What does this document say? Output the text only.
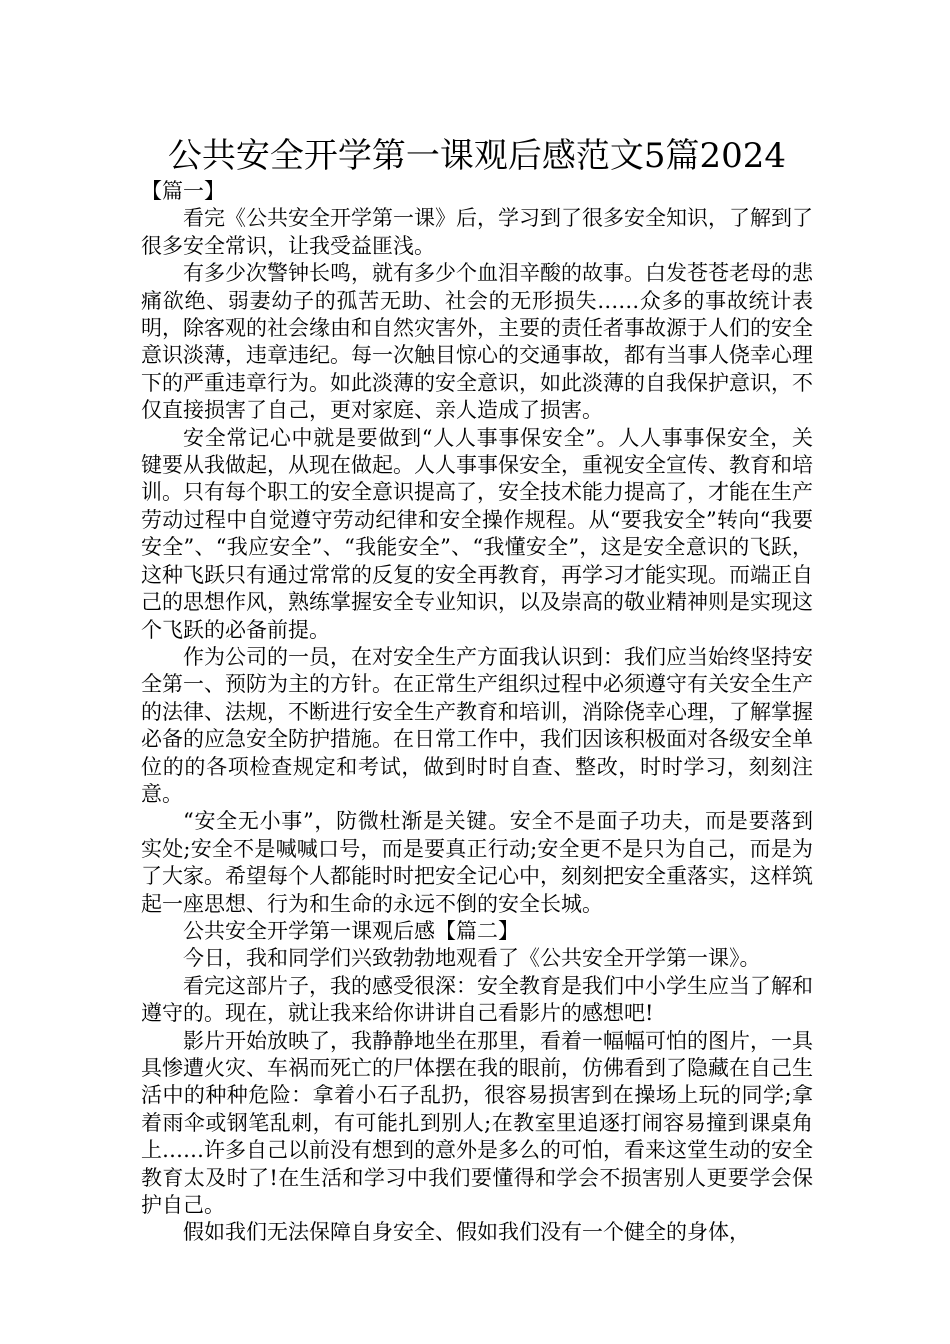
公共安全开学第一课观后感范文5篇2024

【篇一】

看完《公共安全开学第一课》后，学习到了很多安全知识，了解到了很多安全常识，让我受益匪浅。

有多少次警钟长鸣，就有多少个血泪辛酸的故事。白发苍苍老母的悲痛欲绝、弱妻幼子的孤苦无助、社会的无形损失……众多的事故统计表明，除客观的社会缘由和自然灾害外，主要的责任者事故源于人们的安全意识淡薄，违章违纪。每一次触目惊心的交通事故，都有当事人侥幸心理下的严重违章行为。如此淡薄的安全意识，如此淡薄的自我保护意识，不仅直接损害了自己，更对家庭、亲人造成了损害。

安全常记心中就是要做到“人人事事保安全”。人人事事保安全，关键要从我做起，从现在做起。人人事事保安全，重视安全宣传、教育和培训。只有每个职工的安全意识提高了，安全技术能力提高了，才能在生产劳动过程中自觉遵守劳动纪律和安全操作规程。从“要我安全”转向“我要安全”、“我应安全”、“我能安全”、“我懂安全”，这是安全意识的飞跃，这种飞跃只有通过常常的反复的安全再教育，再学习才能实现。而端正自己的思想作风，熟练掌握安全专业知识，以及崇高的敬业精神则是实现这个飞跃的必备前提。

作为公司的一员，在对安全生产方面我认识到：我们应当始终坚持安全第一、预防为主的方针。在正常生产组织过程中必须遵守有关安全生产的法律、法规，不断进行安全生产教育和培训，消除侥幸心理，了解掌握必备的应急安全防护措施。在日常工作中，我们因该积极面对各级安全单位的的各项检查规定和考试，做到时时自查、整改，时时学习，刻刻注意。

“安全无小事”，防微杜渐是关键。安全不是面子功夫，而是要落到实处;安全不是喊喊口号，而是要真正行动;安全更不是只为自己，而是为了大家。希望每个人都能时时把安全记心中，刻刻把安全重落实，这样筑起一座思想、行为和生命的永远不倒的安全长城。

公共安全开学第一课观后感【篇二】

今日，我和同学们兴致勃勃地观看了《公共安全开学第一课》。

看完这部片子，我的感受很深：安全教育是我们中小学生应当了解和遵守的。现在，就让我来给你讲讲自己看影片的感想吧!

影片开始放映了，我静静地坐在那里，看着一幅幅可怕的图片，一具具惨遭火灾、车祸而死亡的尸体摆在我的眼前，仿佛看到了隐藏在自己生活中的种种危险：拿着小石子乱扔，很容易损害到在操场上玩的同学;拿着雨伞或钢笔乱刺，有可能扎到别人;在教室里追逐打闹容易撞到课桌角上……许多自己以前没有想到的意外是多么的可怕，看来这堂生动的安全教育太及时了!在生活和学习中我们要懂得和学会不损害别人更要学会保护自己。

假如我们无法保障自身安全、假如我们没有一个健全的身体，
